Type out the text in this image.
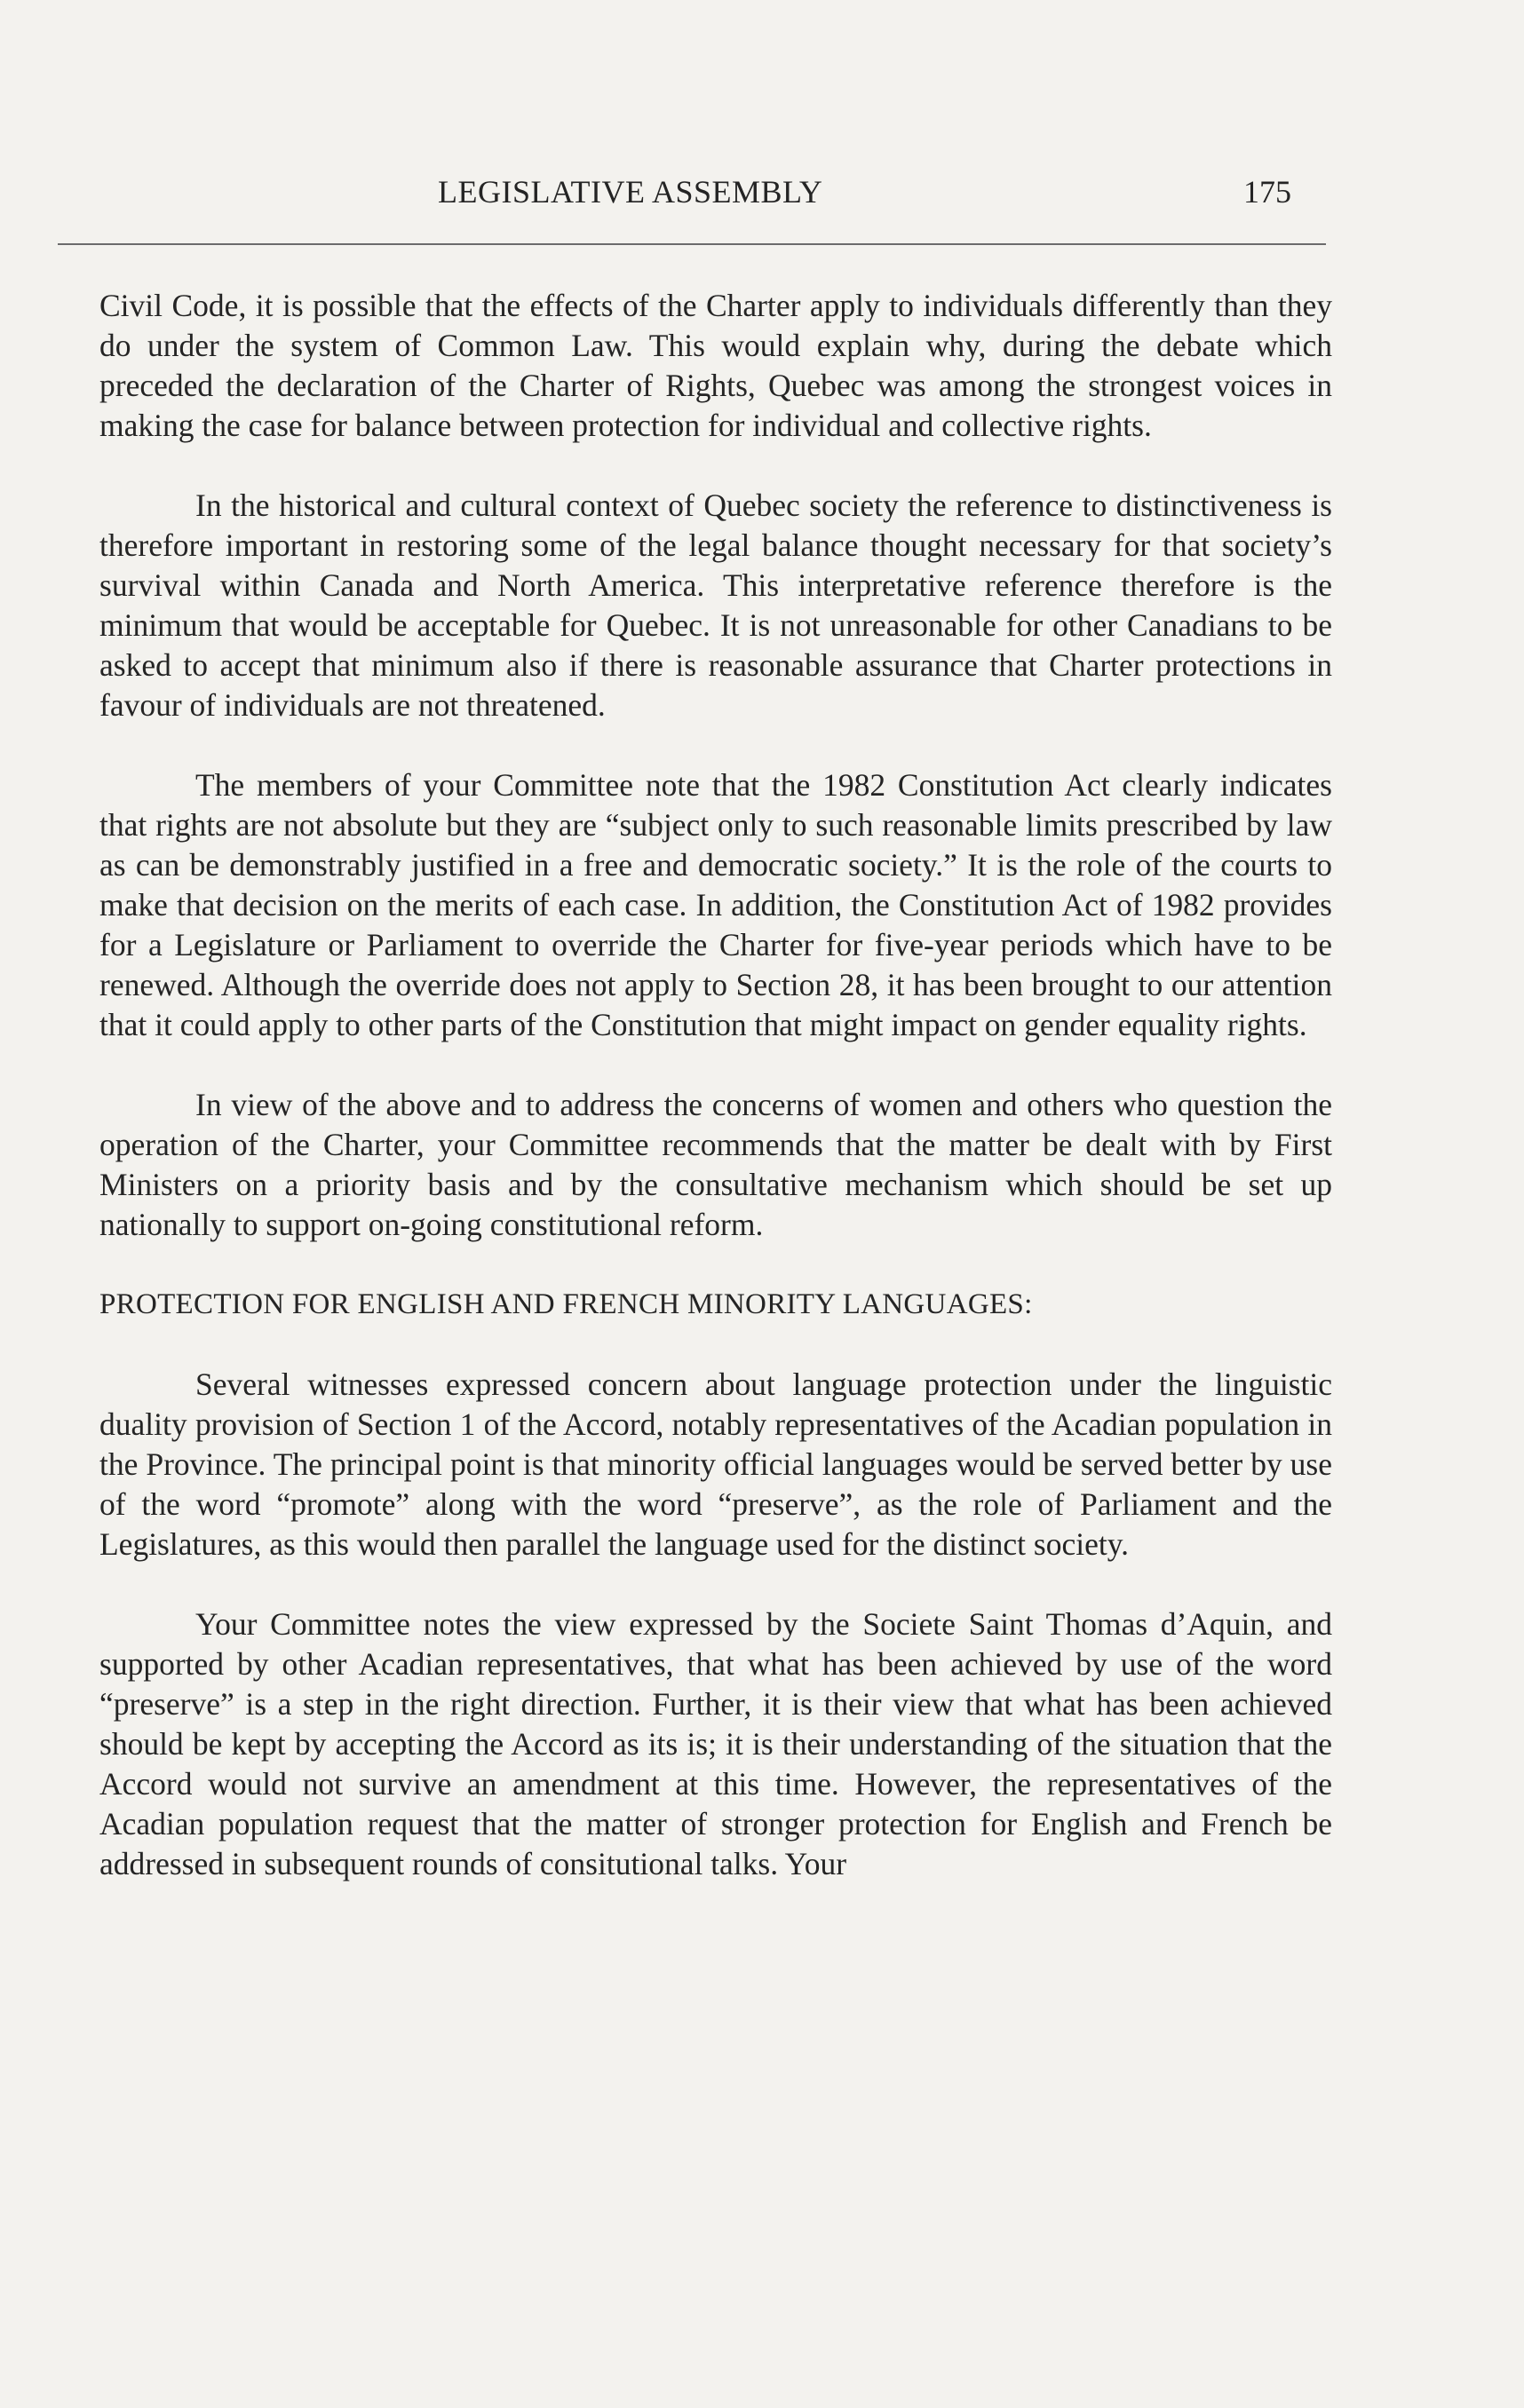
LEGISLATIVE ASSEMBLY	175

Civil Code, it is possible that the effects of the Charter apply to individuals differently than they do under the system of Common Law. This would explain why, during the debate which preceded the declaration of the Charter of Rights, Quebec was among the strongest voices in making the case for balance between protection for individual and collective rights.

In the historical and cultural context of Quebec society the reference to distinctiveness is therefore important in restoring some of the legal balance thought necessary for that society’s survival within Canada and North America. This interpretative reference therefore is the minimum that would be acceptable for Quebec. It is not unreasonable for other Canadians to be asked to accept that minimum also if there is reasonable assurance that Charter protections in favour of individuals are not threatened.

The members of your Committee note that the 1982 Constitution Act clearly indicates that rights are not absolute but they are “subject only to such reasonable limits prescribed by law as can be demonstrably justified in a free and democratic society.” It is the role of the courts to make that decision on the merits of each case. In addition, the Constitution Act of 1982 provides for a Legislature or Parliament to override the Charter for five-year periods which have to be renewed. Although the override does not apply to Section 28, it has been brought to our attention that it could apply to other parts of the Constitution that might impact on gender equality rights.

In view of the above and to address the concerns of women and others who question the operation of the Charter, your Committee recommends that the matter be dealt with by First Ministers on a priority basis and by the consultative mechanism which should be set up nationally to support on-going constitutional reform.

PROTECTION FOR ENGLISH AND FRENCH MINORITY LANGUAGES:

Several witnesses expressed concern about language protection under the linguistic duality provision of Section 1 of the Accord, notably representatives of the Acadian population in the Province. The principal point is that minority official languages would be served better by use of the word “promote” along with the word “preserve”, as the role of Parliament and the Legislatures, as this would then parallel the language used for the distinct society.

Your Committee notes the view expressed by the Societe Saint Thomas d’Aquin, and supported by other Acadian representatives, that what has been achieved by use of the word “preserve” is a step in the right direction. Further, it is their view that what has been achieved should be kept by accepting the Accord as its is; it is their understanding of the situation that the Accord would not survive an amendment at this time. However, the representatives of the Acadian population request that the matter of stronger protection for English and French be addressed in subsequent rounds of consitutional talks. Your
